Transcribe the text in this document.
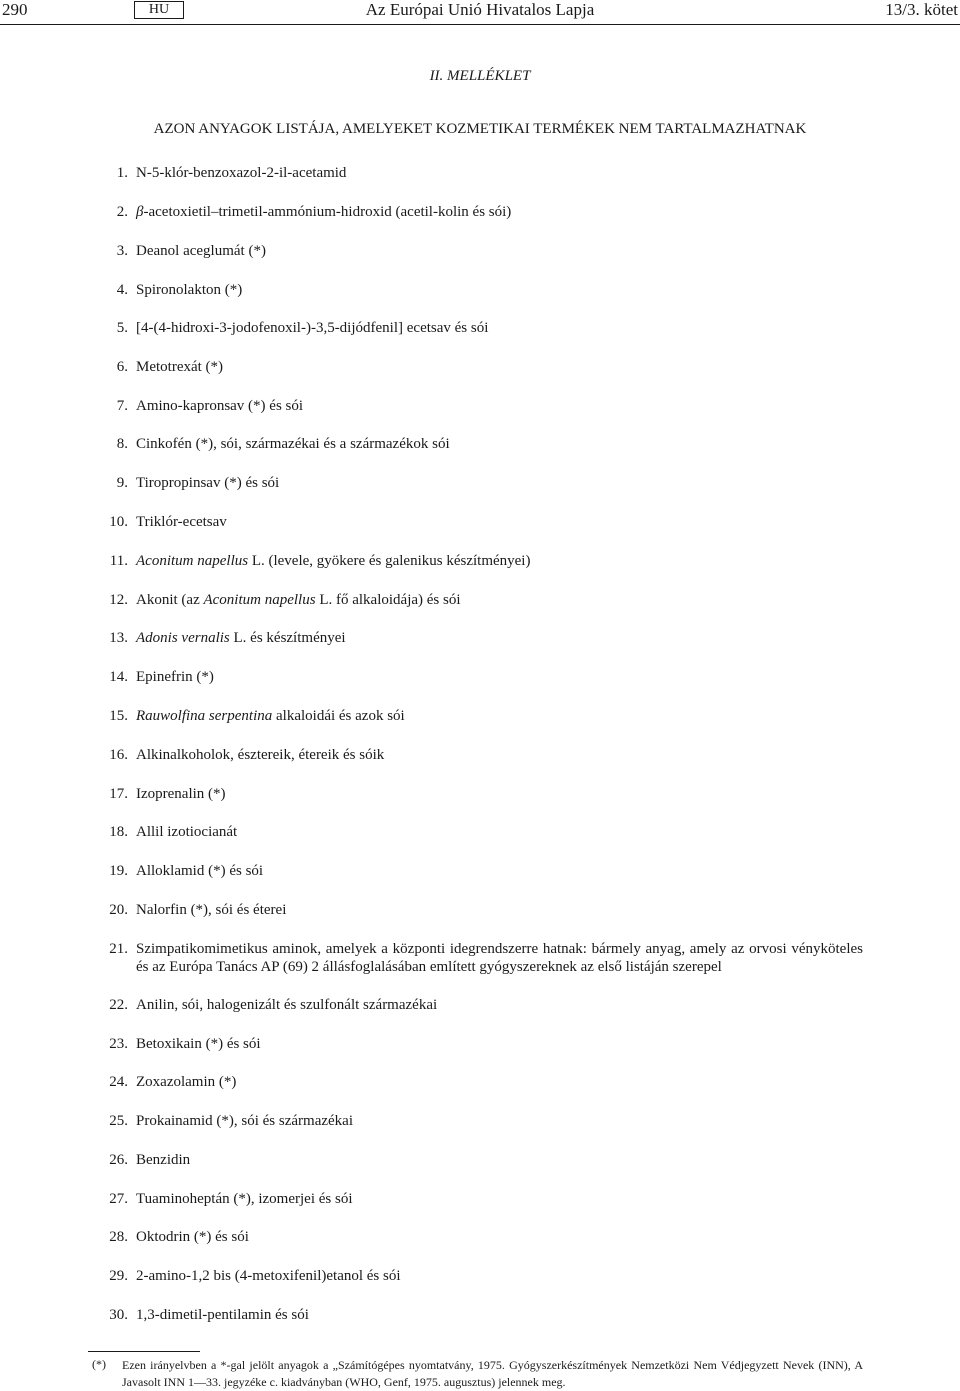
290	HU	Az Európai Unió Hivatalos Lapja	13/3. kötet
II. MELLÉKLET
AZON ANYAGOK LISTÁJA, AMELYEKET KOZMETIKAI TERMÉKEK NEM TARTALMAZHATNAK
1. N-5-klór-benzoxazol-2-il-acetamid
2. β-acetoxietil–trimetil-ammónium-hidroxid (acetil-kolin és sói)
3. Deanol aceglumát (*)
4. Spironolakton (*)
5. [4-(4-hidroxi-3-jodofenoxil-)-3,5-dijódfenil] ecetsav és sói
6. Metotrexát (*)
7. Amino-kapronsav (*) és sói
8. Cinkofén (*), sói, származékai és a származékok sói
9. Tiropropinsav (*) és sói
10. Triklór-ecetsav
11. Aconitum napellus L. (levele, gyökere és galenikus készítményei)
12. Akonit (az Aconitum napellus L. fő alkaloidája) és sói
13. Adonis vernalis L. és készítményei
14. Epinefrin (*)
15. Rauwolfina serpentina alkaloidái és azok sói
16. Alkinalkoholok, észtereik, étereik és sóik
17. Izoprenalin (*)
18. Allil izotiocianát
19. Alloklamid (*) és sói
20. Nalorfin (*), sói és éterei
21. Szimpatikomimetikus aminok, amelyek a központi idegrendszerre hatnak: bármely anyag, amely az orvosi vényköteles és az Európa Tanács AP (69) 2 állásfoglalásában említett gyógyszereknek az első listáján szerepel
22. Anilin, sói, halogenizált és szulfonált származékai
23. Betoxikain (*) és sói
24. Zoxazolamin (*)
25. Prokainamid (*), sói és származékai
26. Benzidin
27. Tuaminoheptán (*), izomerjei és sói
28. Oktodrin (*) és sói
29. 2-amino-1,2 bis (4-metoxifenil)etanol és sói
30. 1,3-dimetil-pentilamin és sói
(*) Ezen irányelvben a *-gal jelölt anyagok a „Számítógépes nyomtatvány, 1975. Gyógyszerkészítmények Nemzetközi Nem Védjegyzett Nevek (INN), A Javasolt INN 1—33. jegyzéke c. kiadványban (WHO, Genf, 1975. augusztus) jelennek meg.
